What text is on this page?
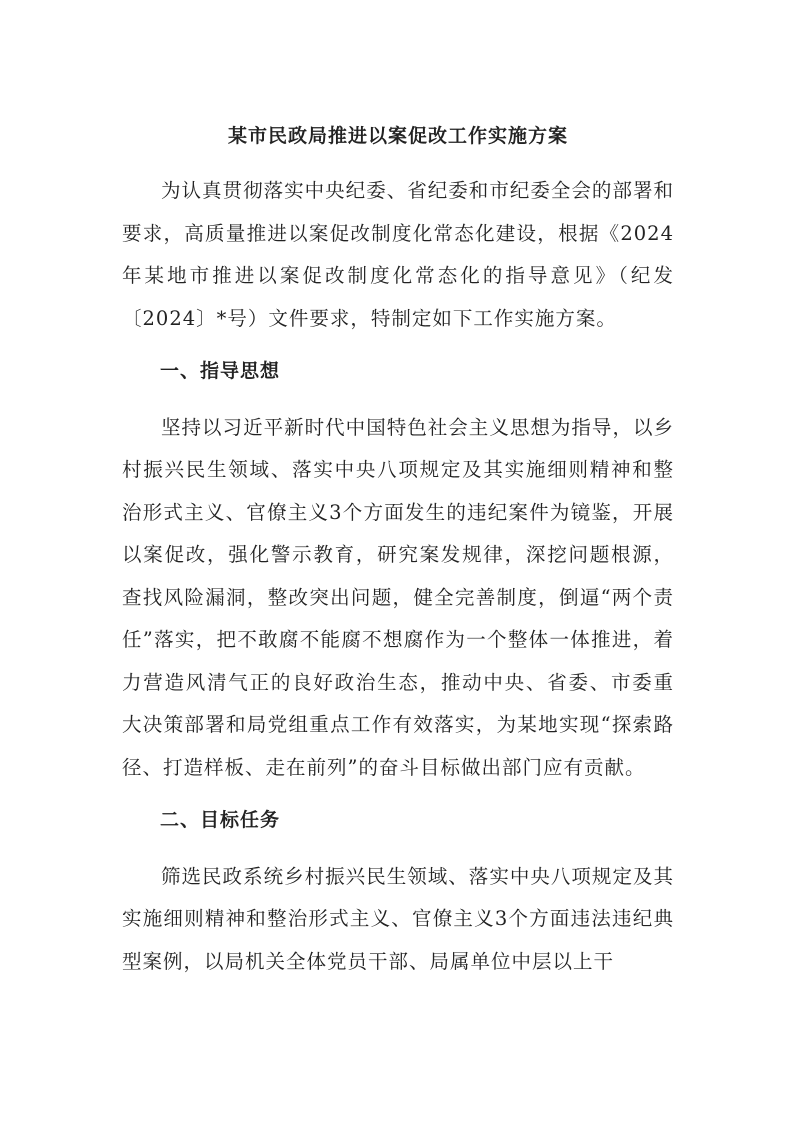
某市民政局推进以案促改工作实施方案

为认真贯彻落实中央纪委、省纪委和市纪委全会的部署和要求，高质量推进以案促改制度化常态化建设，根据《2024年某地市推进以案促改制度化常态化的指导意见》（纪发〔2024〕*号）文件要求，特制定如下工作实施方案。

一、指导思想

坚持以习近平新时代中国特色社会主义思想为指导，以乡村振兴民生领域、落实中央八项规定及其实施细则精神和整治形式主义、官僚主义3个方面发生的违纪案件为镜鉴，开展以案促改，强化警示教育，研究案发规律，深挖问题根源，查找风险漏洞，整改突出问题，健全完善制度，倒逼“两个责任”落实，把不敢腐不能腐不想腐作为一个整体一体推进，着力营造风清气正的良好政治生态，推动中央、省委、市委重大决策部署和局党组重点工作有效落实，为某地实现“探索路径、打造样板、走在前列”的奋斗目标做出部门应有贡献。

二、目标任务

筛选民政系统乡村振兴民生领域、落实中央八项规定及其实施细则精神和整治形式主义、官僚主义3个方面违法违纪典型案例，以局机关全体党员干部、局属单位中层以上干
